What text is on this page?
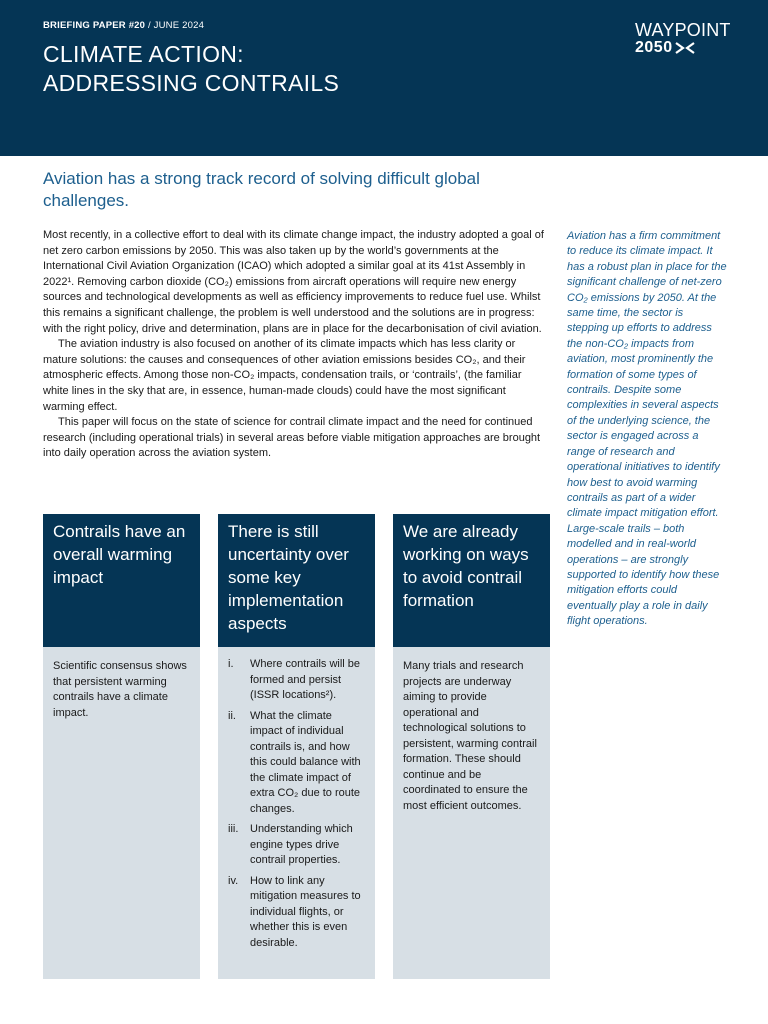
BRIEFING PAPER #20 / JUNE 2024
CLIMATE ACTION:
ADDRESSING CONTRAILS
WAYPOINT
2050
Aviation has a strong track record of solving difficult global challenges.

Most recently, in a collective effort to deal with its climate change impact, the industry adopted a goal of net zero carbon emissions by 2050. This was also taken up by the world’s governments at the International Civil Aviation Organization (ICAO) which adopted a similar goal at its 41st Assembly in 2022¹. Removing carbon dioxide (CO₂) emissions from aircraft operations will require new energy sources and technological developments as well as efficiency improvements to reduce fuel use. Whilst this remains a significant challenge, the problem is well understood and the solutions are in progress: with the right policy, drive and determination, plans are in place for the decarbonisation of civil aviation.

The aviation industry is also focused on another of its climate impacts which has less clarity or mature solutions: the causes and consequences of other aviation emissions besides CO₂, and their atmospheric effects. Among those non-CO₂ impacts, condensation trails, or ‘contrails’, (the familiar white lines in the sky that are, in essence, human-made clouds) could have the most significant warming effect.

This paper will focus on the state of science for contrail climate impact and the need for continued research (including operational trials) in several areas before viable mitigation approaches are brought into daily operation across the aviation system.

Aviation has a firm commitment to reduce its climate impact. It has a robust plan in place for the significant challenge of net-zero CO₂ emissions by 2050. At the same time, the sector is stepping up efforts to address the non-CO₂ impacts from aviation, most prominently the formation of some types of contrails. Despite some complexities in several aspects of the underlying science, the sector is engaged across a range of research and operational initiatives to identify how best to avoid warming contrails as part of a wider climate impact mitigation effort. Large-scale trails – both modelled and in real-world operations – are strongly supported to identify how these mitigation efforts could eventually play a role in daily flight operations.
Contrails have an overall warming impact
Scientific consensus shows that persistent warming contrails have a climate impact.
There is still uncertainty over some key implementation aspects
i.	Where contrails will be formed and persist (ISSR locations²).
ii.	What the climate impact of individual contrails is, and how this could balance with the climate impact of extra CO₂ due to route changes.
iii.	Understanding which engine types drive contrail properties.
iv.	How to link any mitigation measures to individual flights, or whether this is even desirable.
We are already working on ways to avoid contrail formation
Many trials and research projects are underway aiming to provide operational and technological solutions to persistent, warming contrail formation. These should continue and be coordinated to ensure the most efficient outcomes.
